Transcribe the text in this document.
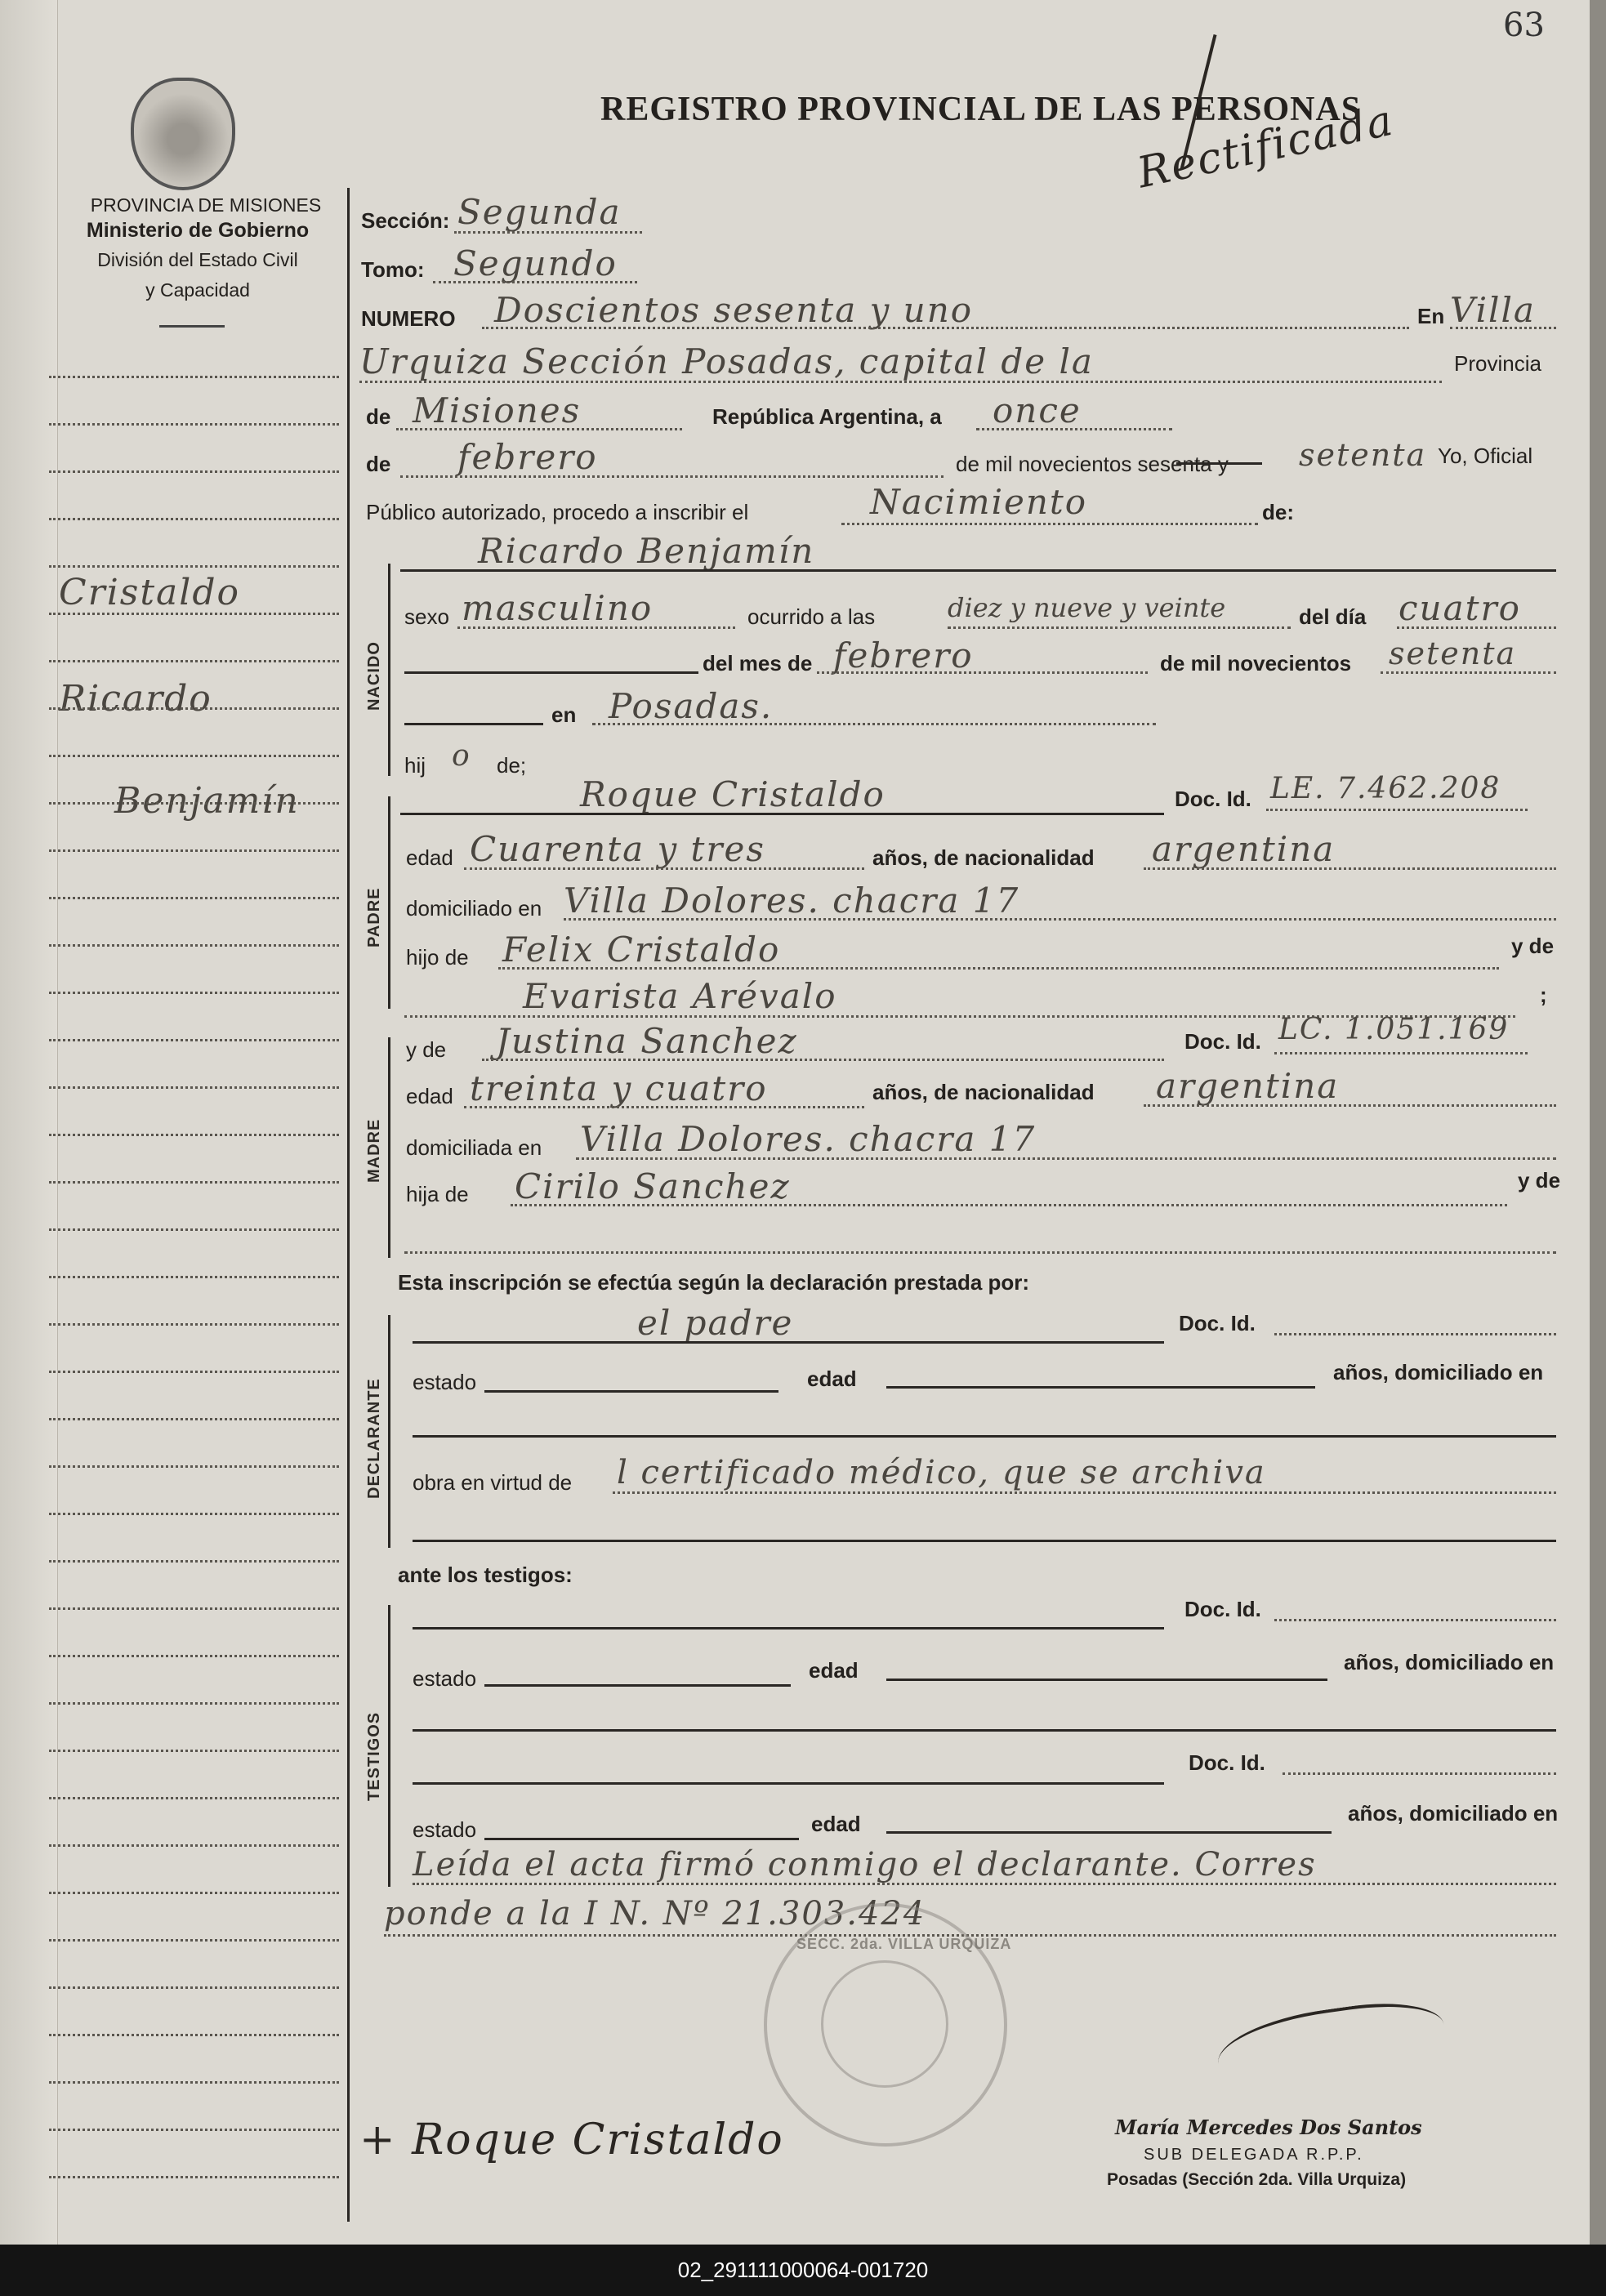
63
PROVINCIA DE MISIONES
Ministerio de Gobierno
División del Estado Civil
y Capacidad
REGISTRO PROVINCIAL DE LAS PERSONAS
Rectificada
Cristaldo
Ricardo
Benjamín
Sección: Segunda
Tomo: Segundo
NUMERO Doscientos sesenta y uno	En Villa
Urquiza Sección Posadas, capital de la	Provincia
de Misiones	República Argentina, a once
de febrero	de mil novecientos sesenta y setenta Yo, Oficial
Público autorizado, procedo a inscribir el	Nacimiento	de:
NACIDO
Ricardo Benjamín
sexo masculino	ocurrido a las	diez y nueve y veinte	del día cuatro
del mes de febrero	de mil novecientos setenta
en Posadas.
hij o de;
PADRE
Roque Cristaldo	Doc. Id. LE. 7.462.208
edad Cuarenta y tres	años, de nacionalidad argentina
domiciliado en Villa Dolores. chacra 17
hijo de Felix Cristaldo	y de
Evarista Arévalo	;
MADRE
y de Justina Sanchez	Doc. Id. LC. 1.051.169
edad treinta y cuatro	años, de nacionalidad argentina
domiciliada en Villa Dolores. chacra 17
hija de Cirilo Sanchez	y de
Esta inscripción se efectúa según la declaración prestada por:
DECLARANTE
el padre	Doc. Id.
estado	edad	años, domiciliado en
obra en virtud de l certificado médico, que se archiva
ante los testigos:
TESTIGOS
Doc. Id.
estado	edad	años, domiciliado en
Doc. Id.
estado	edad	años, domiciliado en
Leída el acta firmó conmigo el declarante. Corres
ponde a la I N. Nº 21.303.424
SECC. 2da. VILLA URQUIZA
María Mercedes Dos Santos
SUB DELEGADA R.P.P.
Posadas (Sección 2da. Villa Urquiza)
+ Roque Cristaldo
02_291111000064-001720
